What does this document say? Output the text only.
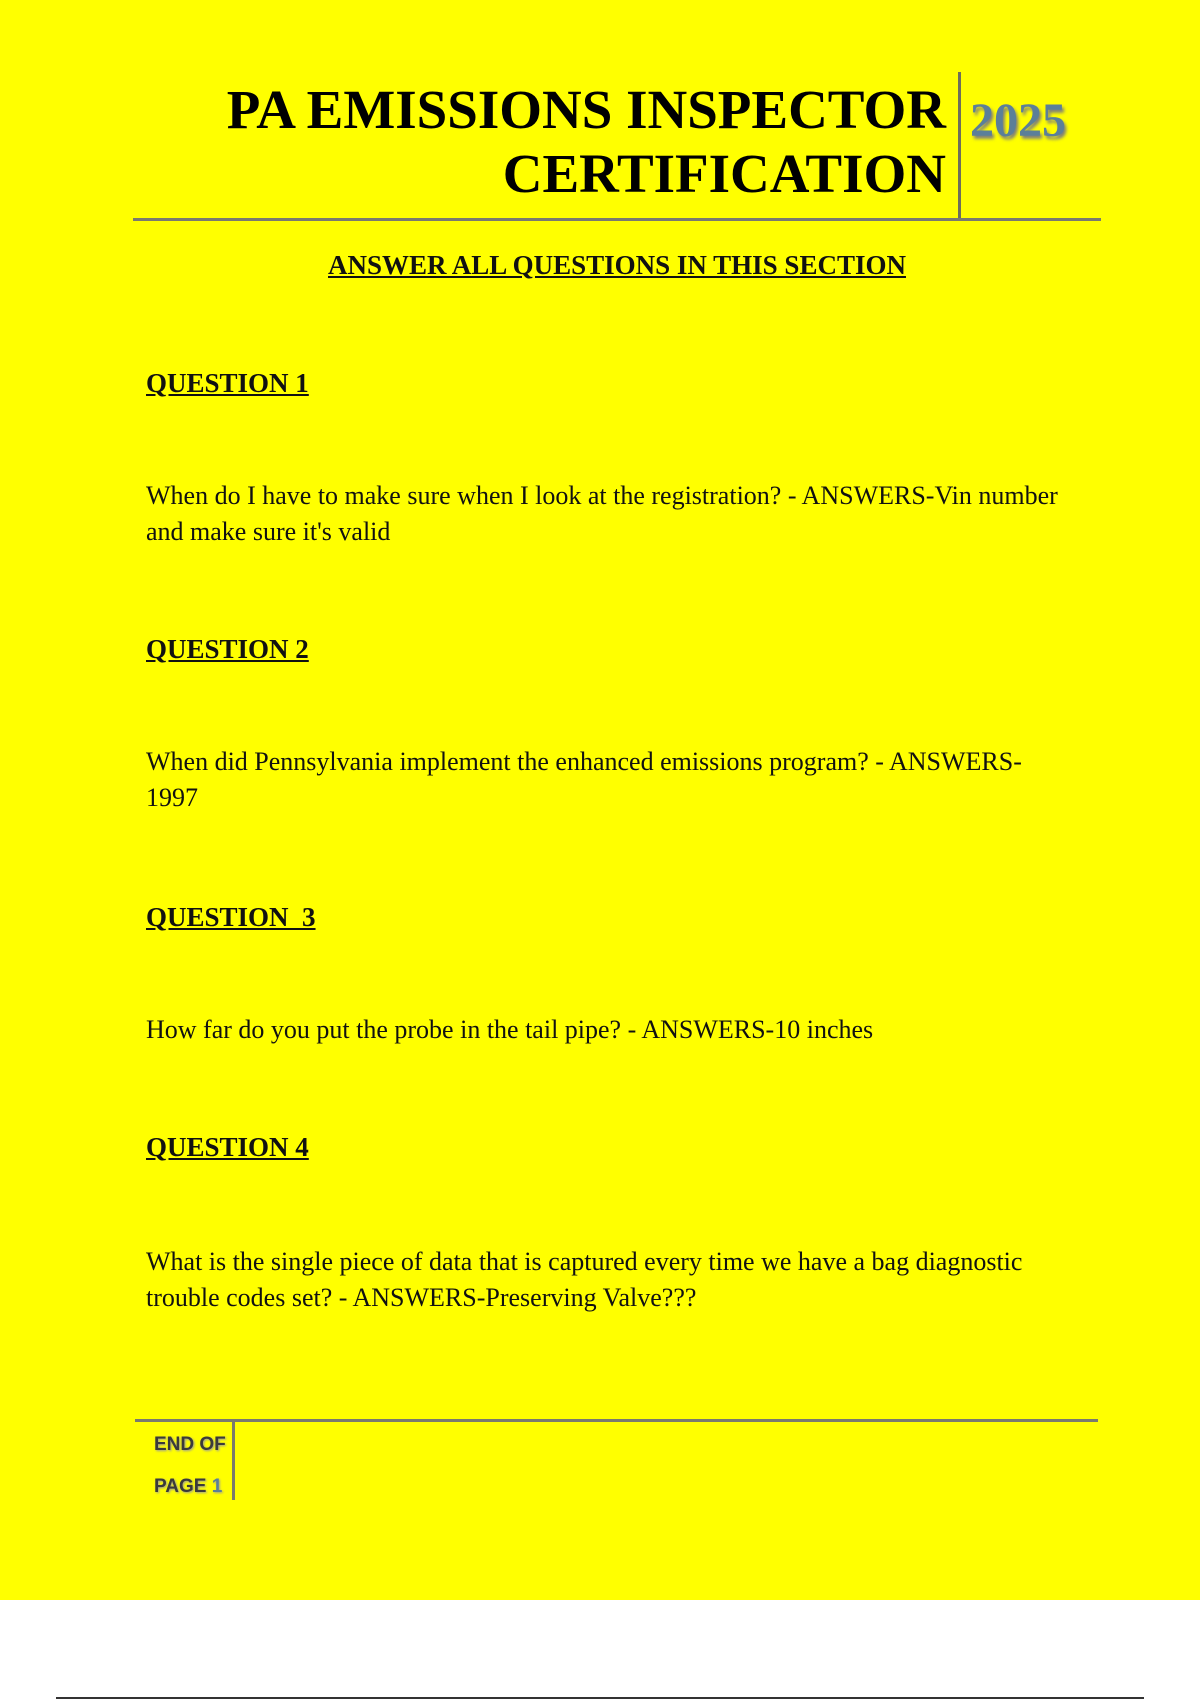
PA EMISSIONS INSPECTOR
CERTIFICATION
2025
ANSWER ALL QUESTIONS IN THIS SECTION
QUESTION 1

When do I have to make sure when I look at the registration? - ANSWERS-Vin number and make sure it's valid

QUESTION 2

When did Pennsylvania implement the enhanced emissions program? - ANSWERS-1997

QUESTION  3

How far do you put the probe in the tail pipe? - ANSWERS-10 inches

QUESTION 4

What is the single piece of data that is captured every time we have a bag diagnostic trouble codes set? - ANSWERS-Preserving Valve???

END OF
PAGE 1
